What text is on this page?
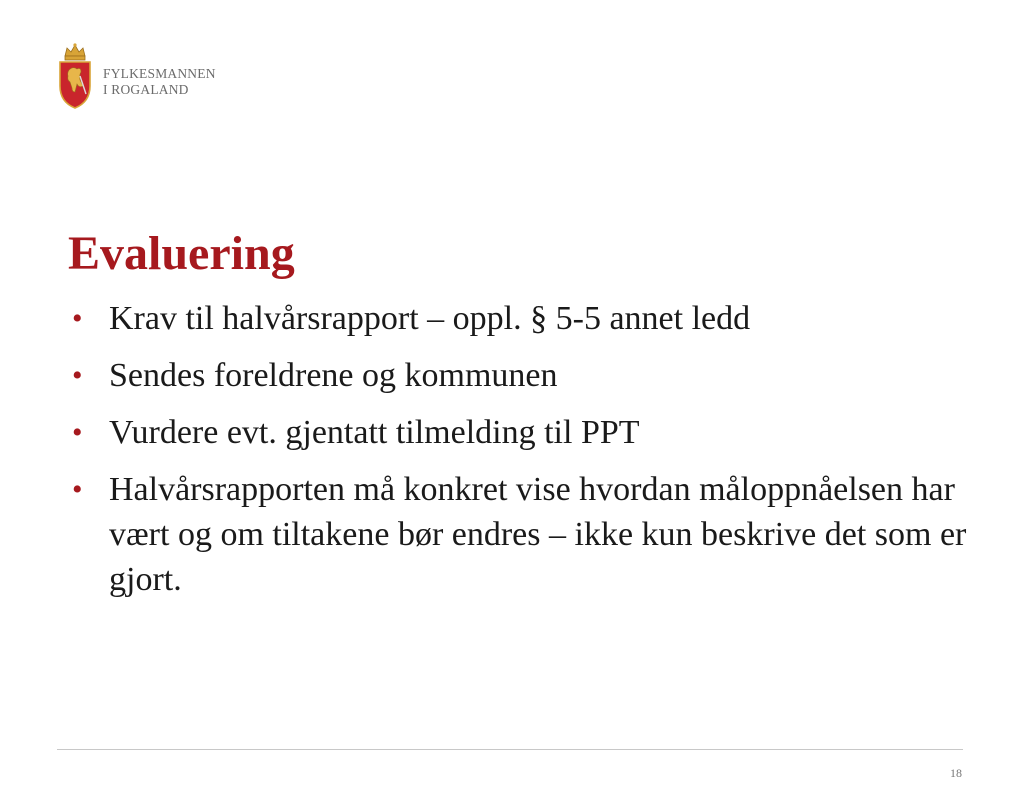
FYLKESMANNEN
I ROGALAND
Evaluering
• Krav til halvårsrapport – oppl. § 5-5 annet ledd
• Sendes foreldrene og kommunen
• Vurdere evt. gjentatt tilmelding til PPT
• Halvårsrapporten må konkret vise hvordan måloppnåelsen har vært og om tiltakene bør endres – ikke kun beskrive det som er gjort.
18
